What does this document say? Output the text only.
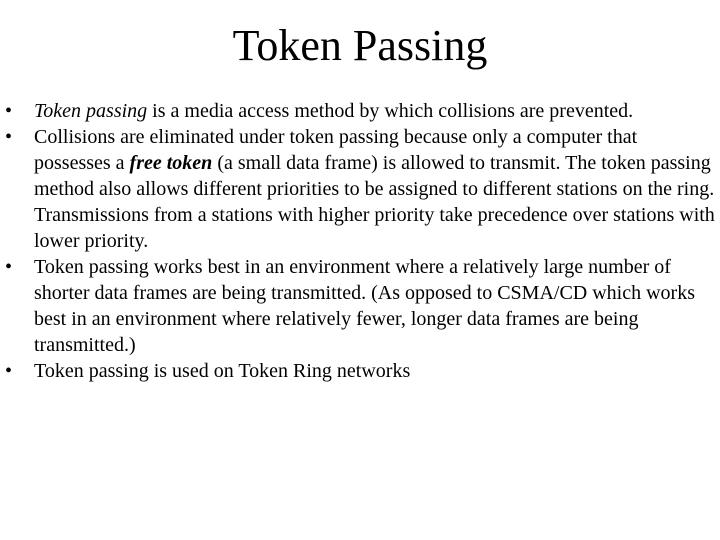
Token Passing
•	Token passing is a media access method by which collisions are prevented.
•	Collisions are eliminated under token passing because only a computer that possesses a free token (a small data frame) is allowed to transmit. The token passing method also allows different priorities to be assigned to different stations on the ring. Transmissions from a stations with higher priority take precedence over stations with lower priority.
•	Token passing works best in an environment where a relatively large number of shorter data frames are being transmitted. (As opposed to CSMA/CD which works best in an environment where relatively fewer, longer data frames are being transmitted.)
•	Token passing is used on Token Ring networks
